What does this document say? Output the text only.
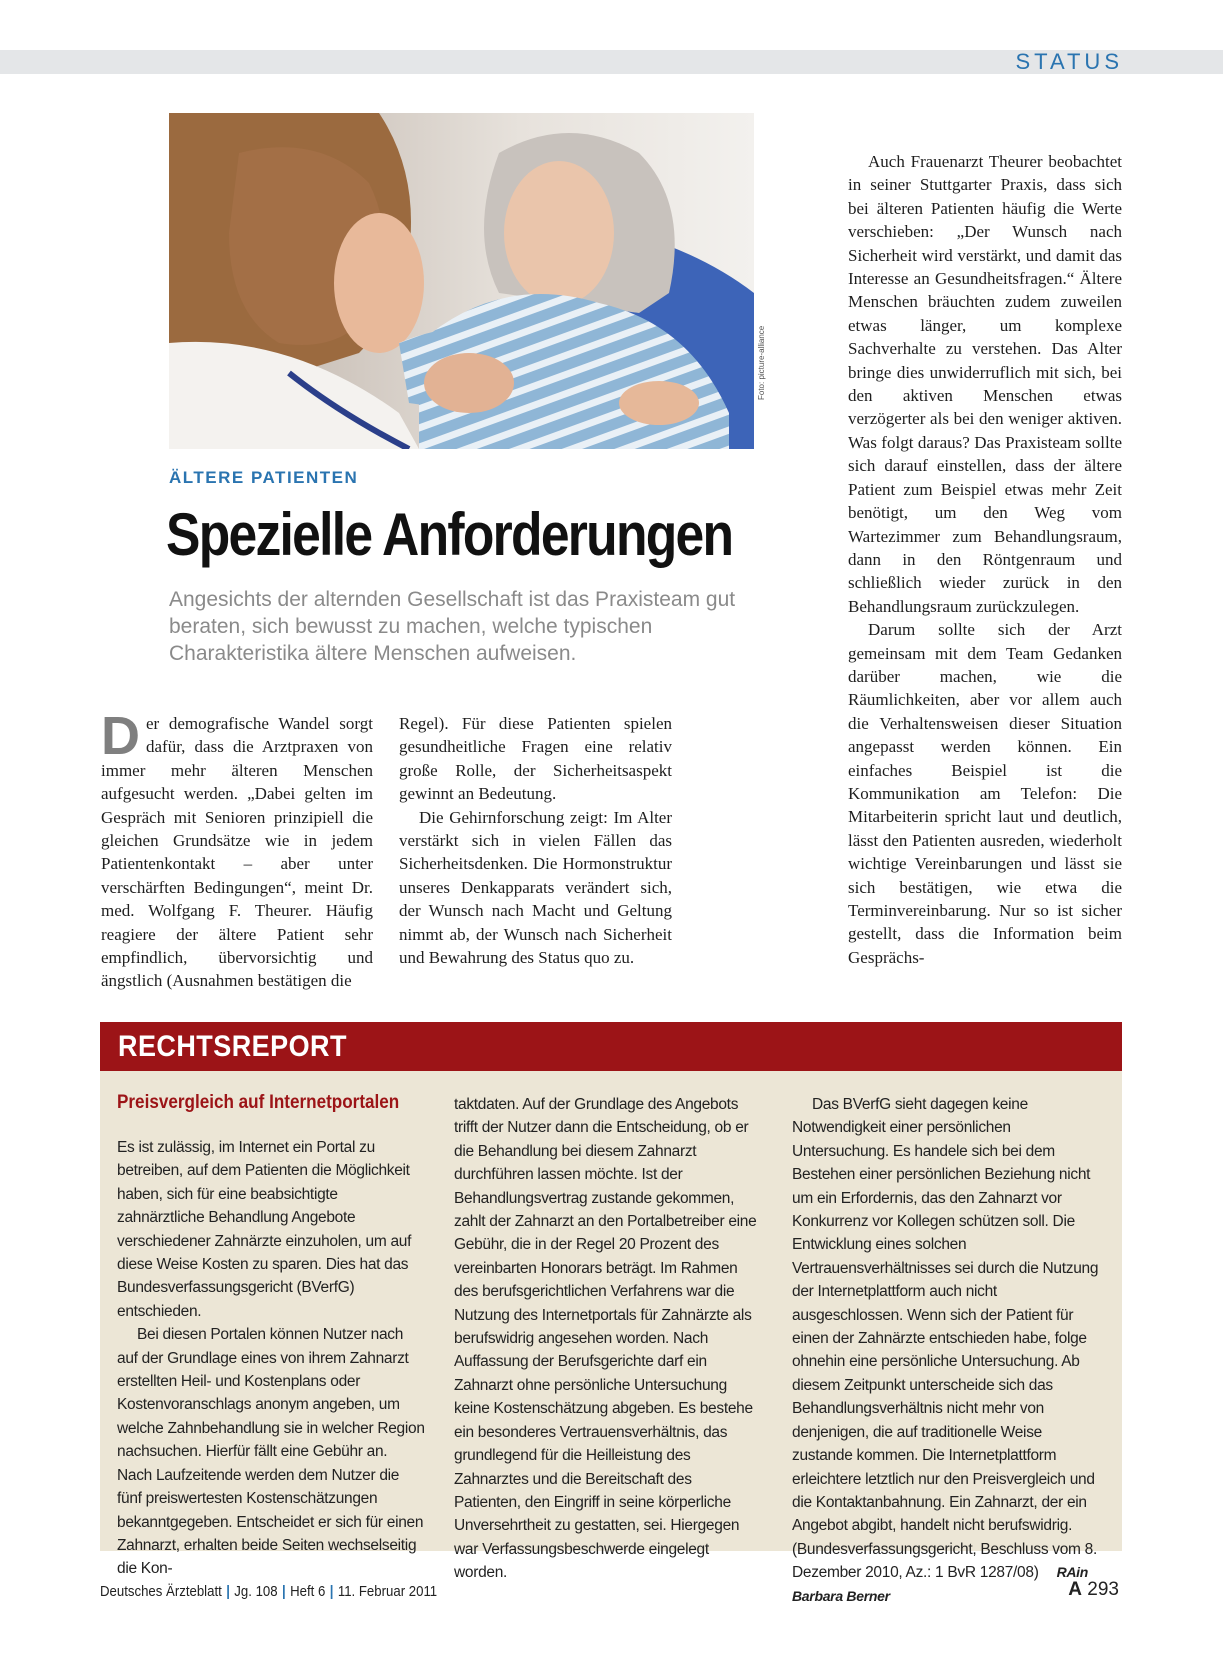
STATUS
Foto: picture-alliance
ÄLTERE PATIENTEN
Spezielle Anforderungen

Angesichts der alternden Gesellschaft ist das Praxisteam gut beraten, sich bewusst zu machen, welche typischen Charakteristika ältere Menschen aufweisen.

Der demografische Wandel sorgt dafür, dass die Arztpraxen von immer mehr älteren Menschen aufgesucht werden. „Dabei gelten im Gespräch mit Senioren prinzipiell die gleichen Grundsätze wie in jedem Patientenkontakt – aber unter verschärften Bedingungen“, meint Dr. med. Wolfgang F. Theurer. Häufig reagiere der ältere Patient sehr empfindlich, übervorsichtig und ängstlich (Ausnahmen bestätigen die

Regel). Für diese Patienten spielen gesundheitliche Fragen eine relativ große Rolle, der Sicherheitsaspekt gewinnt an Bedeutung.

Die Gehirnforschung zeigt: Im Alter verstärkt sich in vielen Fällen das Sicherheitsdenken. Die Hormonstruktur unseres Denkapparats verändert sich, der Wunsch nach Macht und Geltung nimmt ab, der Wunsch nach Sicherheit und Bewahrung des Status quo zu.

Auch Frauenarzt Theurer beobachtet in seiner Stuttgarter Praxis, dass sich bei älteren Patienten häufig die Werte verschieben: „Der Wunsch nach Sicherheit wird verstärkt, und damit das Interesse an Gesundheitsfragen.“ Ältere Menschen bräuchten zudem zuweilen etwas länger, um komplexe Sachverhalte zu verstehen. Das Alter bringe dies unwiderruflich mit sich, bei den aktiven Menschen etwas verzögerter als bei den weniger aktiven. Was folgt daraus? Das Praxisteam sollte sich darauf einstellen, dass der ältere Patient zum Beispiel etwas mehr Zeit benötigt, um den Weg vom Wartezimmer zum Behandlungsraum, dann in den Röntgenraum und schließlich wieder zurück in den Behandlungsraum zurückzulegen.

Darum sollte sich der Arzt gemeinsam mit dem Team Gedanken darüber machen, wie die Räumlichkeiten, aber vor allem auch die Verhaltensweisen dieser Situation angepasst werden können. Ein einfaches Beispiel ist die Kommunikation am Telefon: Die Mitarbeiterin spricht laut und deutlich, lässt den Patienten ausreden, wiederholt wichtige Vereinbarungen und lässt sie sich bestätigen, wie etwa die Terminvereinbarung. Nur so ist sicher gestellt, dass die Information beim Gesprächs-

RECHTSREPORT
Preisvergleich auf Internetportalen

Es ist zulässig, im Internet ein Portal zu betreiben, auf dem Patienten die Möglichkeit haben, sich für eine beabsichtigte zahnärztliche Behandlung Angebote verschiedener Zahnärzte einzuholen, um auf diese Weise Kosten zu sparen. Dies hat das Bundesverfassungsgericht (BVerfG) entschieden.

Bei diesen Portalen können Nutzer nach auf der Grundlage eines von ihrem Zahnarzt erstellten Heil- und Kostenplans oder Kostenvoranschlags anonym angeben, um welche Zahnbehandlung sie in welcher Region nachsuchen. Hierfür fällt eine Gebühr an. Nach Laufzeitende werden dem Nutzer die fünf preiswertesten Kostenschätzungen bekanntgegeben. Entscheidet er sich für einen Zahnarzt, erhalten beide Seiten wechselseitig die Kon-

taktdaten. Auf der Grundlage des Angebots trifft der Nutzer dann die Entscheidung, ob er die Behandlung bei diesem Zahnarzt durchführen lassen möchte. Ist der Behandlungsvertrag zustande gekommen, zahlt der Zahnarzt an den Portalbetreiber eine Gebühr, die in der Regel 20 Prozent des vereinbarten Honorars beträgt. Im Rahmen des berufsgerichtlichen Verfahrens war die Nutzung des Internetportals für Zahnärzte als berufswidrig angesehen worden. Nach Auffassung der Berufsgerichte darf ein Zahnarzt ohne persönliche Untersuchung keine Kostenschätzung abgeben. Es bestehe ein besonderes Vertrauensverhältnis, das grundlegend für die Heilleistung des Zahnarztes und die Bereitschaft des Patienten, den Eingriff in seine körperliche Unversehrtheit zu gestatten, sei. Hiergegen war Verfassungsbeschwerde eingelegt worden.

Das BVerfG sieht dagegen keine Notwendigkeit einer persönlichen Untersuchung. Es handele sich bei dem Bestehen einer persönlichen Beziehung nicht um ein Erfordernis, das den Zahnarzt vor Konkurrenz vor Kollegen schützen soll. Die Entwicklung eines solchen Vertrauensverhältnisses sei durch die Nutzung der Internetplattform auch nicht ausgeschlossen. Wenn sich der Patient für einen der Zahnärzte entschieden habe, folge ohnehin eine persönliche Untersuchung. Ab diesem Zeitpunkt unterscheide sich das Behandlungsverhältnis nicht mehr von denjenigen, die auf traditionelle Weise zustande kommen. Die Internetplattform erleichtere letztlich nur den Preisvergleich und die Kontaktanbahnung. Ein Zahnarzt, der ein Angebot abgibt, handelt nicht berufswidrig. (Bundesverfassungsgericht, Beschluss vom 8. Dezember 2010, Az.: 1 BvR 1287/08) RAin Barbara Berner

Deutsches Ärzteblatt | Jg. 108 | Heft 6 | 11. Februar 2011	A 293
